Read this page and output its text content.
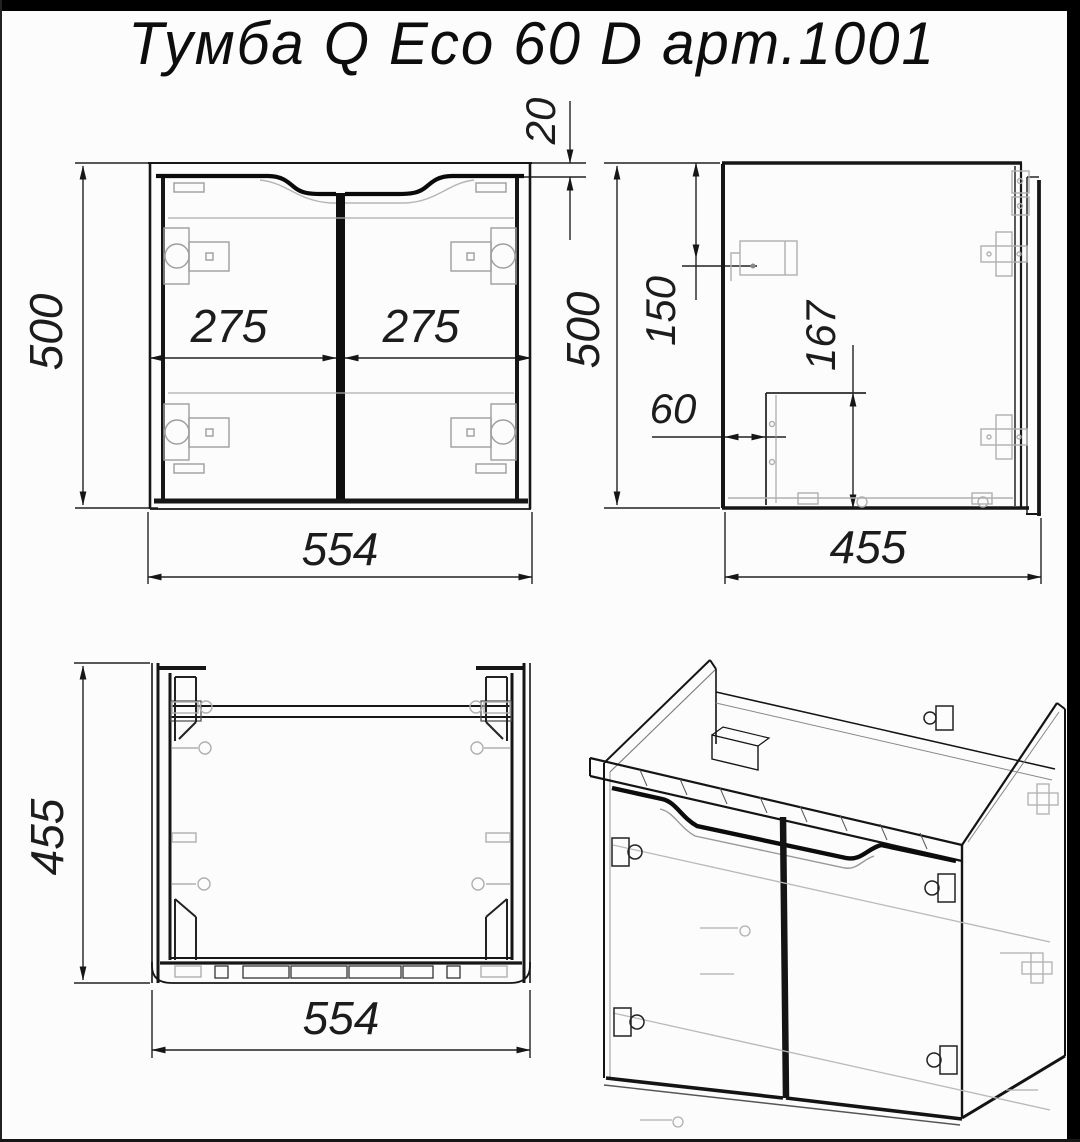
Тумба Q Eco 60 D арт.1001
500
20
275	275
554
500 150
60
167
455
455
554
